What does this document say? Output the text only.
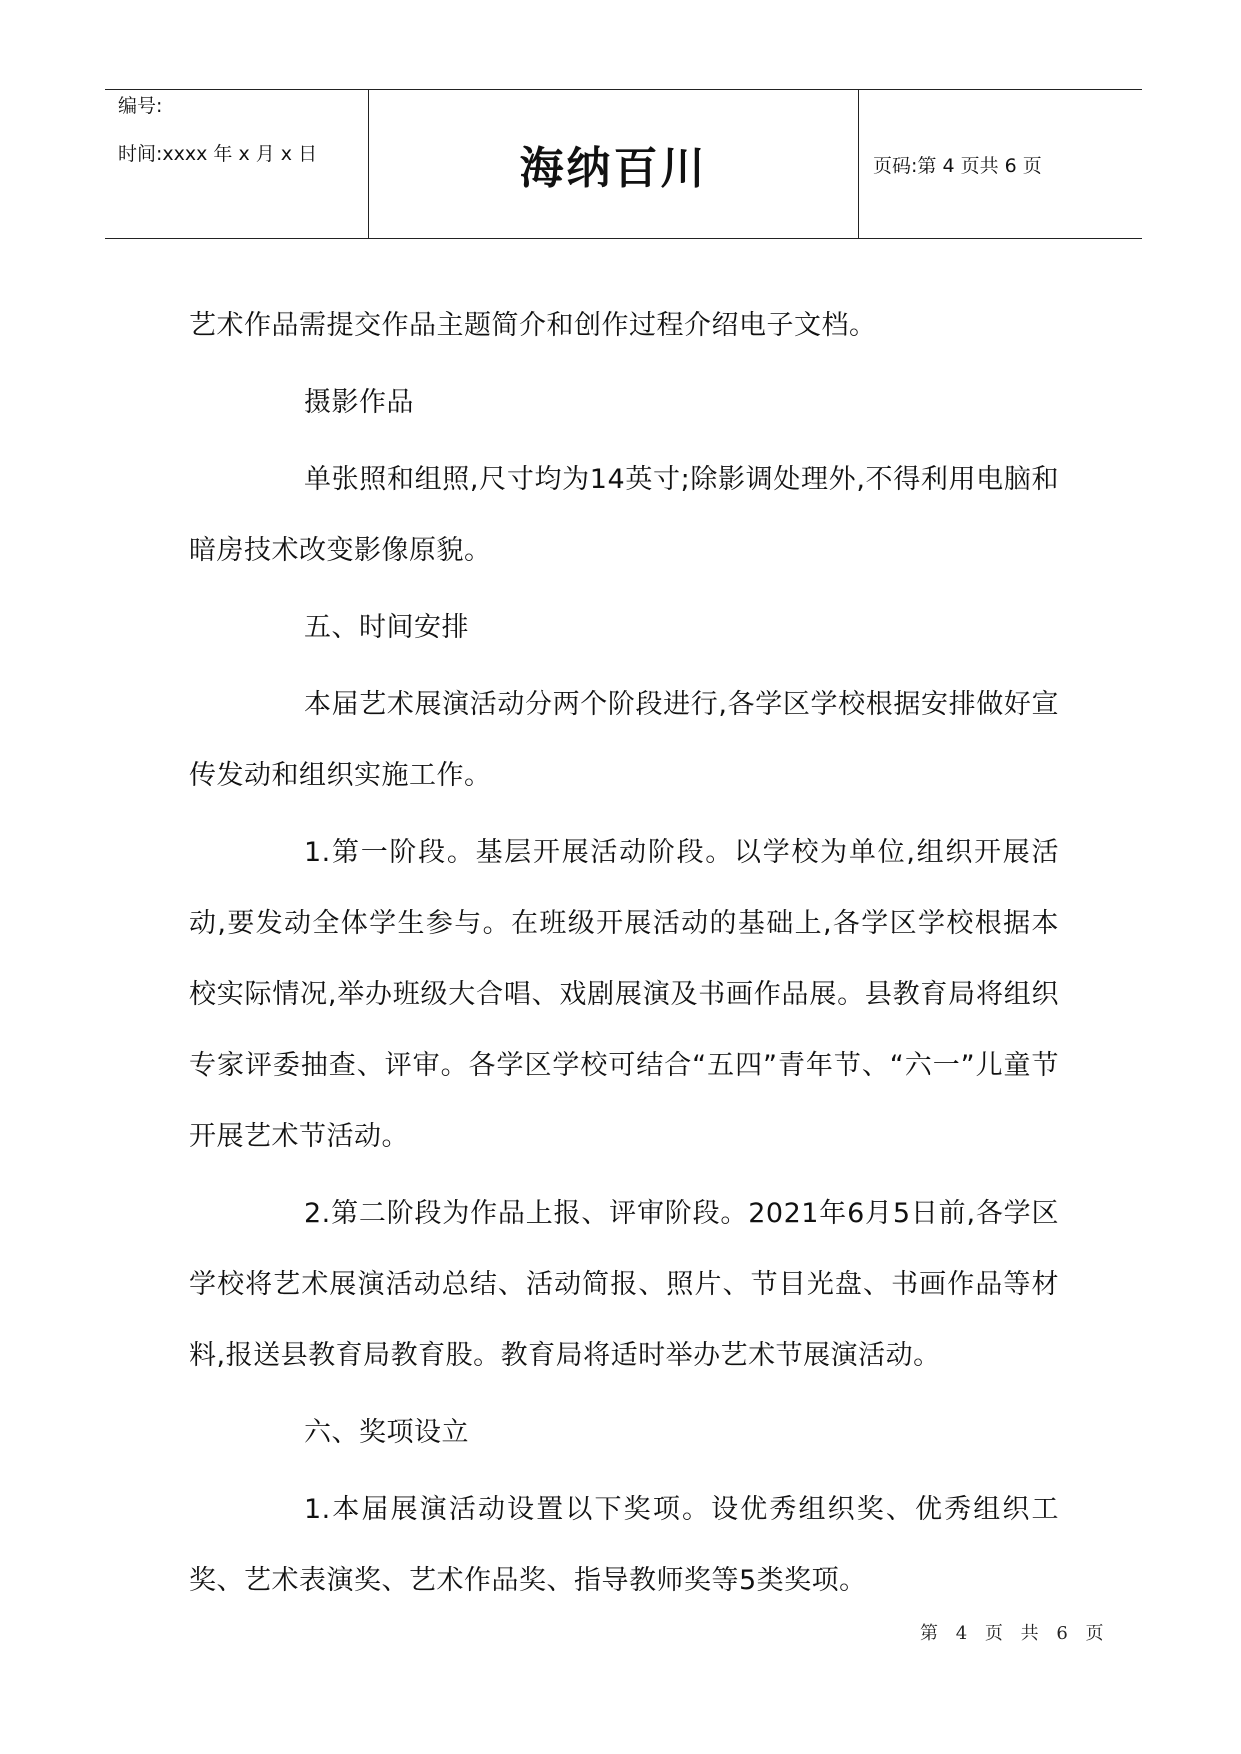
编号:
时间:xxxx 年 x 月 x 日	海纳百川	页码:第 4 页共 6 页

艺术作品需提交作品主题简介和创作过程介绍电子文档。

摄影作品

单张照和组照,尺寸均为14英寸;除影调处理外,不得利用电脑和暗房技术改变影像原貌。

五、时间安排

本届艺术展演活动分两个阶段进行,各学区学校根据安排做好宣传发动和组织实施工作。

1.第一阶段。基层开展活动阶段。以学校为单位,组织开展活动,要发动全体学生参与。在班级开展活动的基础上,各学区学校根据本校实际情况,举办班级大合唱、戏剧展演及书画作品展。县教育局将组织专家评委抽查、评审。各学区学校可结合“五四”青年节、“六一”儿童节开展艺术节活动。

2.第二阶段为作品上报、评审阶段。2021年6月5日前,各学区学校将艺术展演活动总结、活动简报、照片、节目光盘、书画作品等材料,报送县教育局教育股。教育局将适时举办艺术节展演活动。

六、奖项设立

1.本届展演活动设置以下奖项。设优秀组织奖、优秀组织工奖、艺术表演奖、艺术作品奖、指导教师奖等5类奖项。

第 4 页 共 6 页
